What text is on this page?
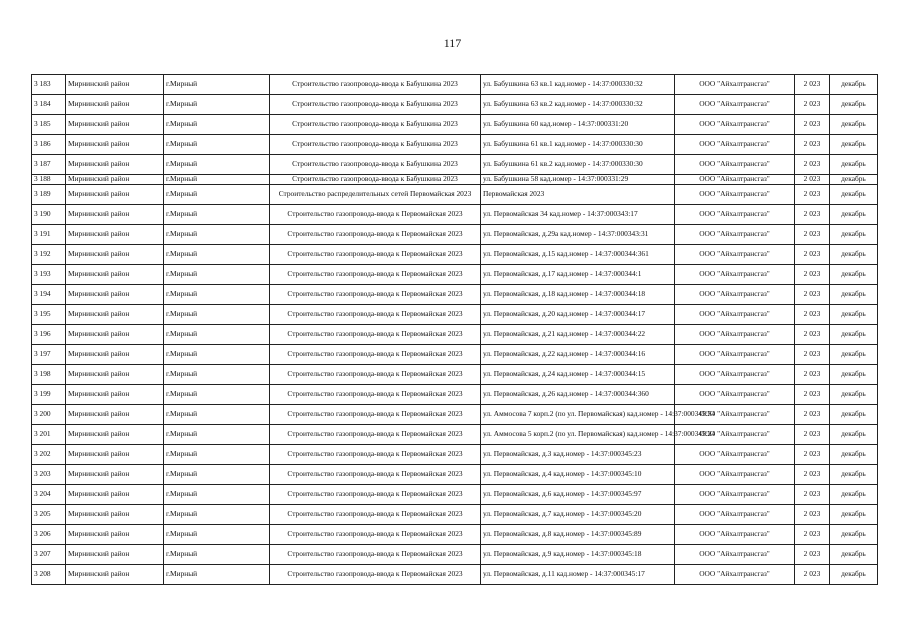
117
3 183	Мирнинский район	г.Мирный	Строительство газопровода-ввода к Бабушкина 2023	ул. Бабушкина 63 кв.1 кад.номер - 14:37:000330:32	ООО "Айхалтрансгаз"	2 023	декабрь
3 184	Мирнинский район	г.Мирный	Строительство газопровода-ввода к Бабушкина 2023	ул. Бабушкина 63 кв.2 кад.номер - 14:37:000330:32	ООО "Айхалтрансгаз"	2 023	декабрь
3 185	Мирнинский район	г.Мирный	Строительство газопровода-ввода к Бабушкина 2023	ул. Бабушкина 60 кад.номер - 14:37:000331:20	ООО "Айхалтрансгаз"	2 023	декабрь
3 186	Мирнинский район	г.Мирный	Строительство газопровода-ввода к Бабушкина 2023	ул. Бабушкина 61 кв.1 кад.номер - 14:37:000330:30	ООО "Айхалтрансгаз"	2 023	декабрь
3 187	Мирнинский район	г.Мирный	Строительство газопровода-ввода к Бабушкина 2023	ул. Бабушкина 61 кв.2 кад.номер - 14:37:000330:30	ООО "Айхалтрансгаз"	2 023	декабрь
3 188	Мирнинский район	г.Мирный	Строительство газопровода-ввода к Бабушкина 2023	ул. Бабушкина 58 кад.номер - 14:37:000331:29	ООО "Айхалтрансгаз"	2 023	декабрь
3 189	Мирнинский район	г.Мирный	Строительство распределительных сетей Первомайская 2023	Первомайская 2023	ООО "Айхалтрансгаз"	2 023	декабрь
3 190	Мирнинский район	г.Мирный	Строительство газопровода-ввода к Первомайская 2023	ул. Первомайская 34 кад.номер - 14:37:000343:17	ООО "Айхалтрансгаз"	2 023	декабрь
3 191	Мирнинский район	г.Мирный	Строительство газопровода-ввода к Первомайская 2023	ул. Первомайская, д.29а кад.номер - 14:37:000343:31	ООО "Айхалтрансгаз"	2 023	декабрь
3 192	Мирнинский район	г.Мирный	Строительство газопровода-ввода к Первомайская 2023	ул. Первомайская, д.15 кад.номер - 14:37:000344:361	ООО "Айхалтрансгаз"	2 023	декабрь
3 193	Мирнинский район	г.Мирный	Строительство газопровода-ввода к Первомайская 2023	ул. Первомайская, д.17 кад.номер - 14:37:000344:1	ООО "Айхалтрансгаз"	2 023	декабрь
3 194	Мирнинский район	г.Мирный	Строительство газопровода-ввода к Первомайская 2023	ул. Первомайская, д.18 кад.номер - 14:37:000344:18	ООО "Айхалтрансгаз"	2 023	декабрь
3 195	Мирнинский район	г.Мирный	Строительство газопровода-ввода к Первомайская 2023	ул. Первомайская, д.20 кад.номер - 14:37:000344:17	ООО "Айхалтрансгаз"	2 023	декабрь
3 196	Мирнинский район	г.Мирный	Строительство газопровода-ввода к Первомайская 2023	ул. Первомайская, д.21 кад.номер - 14:37:000344:22	ООО "Айхалтрансгаз"	2 023	декабрь
3 197	Мирнинский район	г.Мирный	Строительство газопровода-ввода к Первомайская 2023	ул. Первомайская, д.22 кад.номер - 14:37:000344:16	ООО "Айхалтрансгаз"	2 023	декабрь
3 198	Мирнинский район	г.Мирный	Строительство газопровода-ввода к Первомайская 2023	ул. Первомайская, д.24 кад.номер - 14:37:000344:15	ООО "Айхалтрансгаз"	2 023	декабрь
3 199	Мирнинский район	г.Мирный	Строительство газопровода-ввода к Первомайская 2023	ул. Первомайская, д.26 кад.номер - 14:37:000344:360	ООО "Айхалтрансгаз"	2 023	декабрь
3 200	Мирнинский район	г.Мирный	Строительство газопровода-ввода к Первомайская 2023	ул. Аммосова 7 корп.2 (по ул. Первомайская) кад.номер - 14:37:000345:54	ООО "Айхалтрансгаз"	2 023	декабрь
3 201	Мирнинский район	г.Мирный	Строительство газопровода-ввода к Первомайская 2023	ул. Аммосова 5 корп.2 (по ул. Первомайская) кад.номер - 14:37:000345:24	ООО "Айхалтрансгаз"	2 023	декабрь
3 202	Мирнинский район	г.Мирный	Строительство газопровода-ввода к Первомайская 2023	ул. Первомайская, д.3 кад.номер - 14:37:000345:23	ООО "Айхалтрансгаз"	2 023	декабрь
3 203	Мирнинский район	г.Мирный	Строительство газопровода-ввода к Первомайская 2023	ул. Первомайская, д.4 кад.номер - 14:37:000345:10	ООО "Айхалтрансгаз"	2 023	декабрь
3 204	Мирнинский район	г.Мирный	Строительство газопровода-ввода к Первомайская 2023	ул. Первомайская, д.6 кад.номер - 14:37:000345:97	ООО "Айхалтрансгаз"	2 023	декабрь
3 205	Мирнинский район	г.Мирный	Строительство газопровода-ввода к Первомайская 2023	ул. Первомайская, д.7 кад.номер - 14:37:000345:20	ООО "Айхалтрансгаз"	2 023	декабрь
3 206	Мирнинский район	г.Мирный	Строительство газопровода-ввода к Первомайская 2023	ул. Первомайская, д.8 кад.номер - 14:37:000345:89	ООО "Айхалтрансгаз"	2 023	декабрь
3 207	Мирнинский район	г.Мирный	Строительство газопровода-ввода к Первомайская 2023	ул. Первомайская, д.9 кад.номер - 14:37:000345:18	ООО "Айхалтрансгаз"	2 023	декабрь
3 208	Мирнинский район	г.Мирный	Строительство газопровода-ввода к Первомайская 2023	ул. Первомайская, д.11 кад.номер - 14:37:000345:17	ООО "Айхалтрансгаз"	2 023	декабрь
